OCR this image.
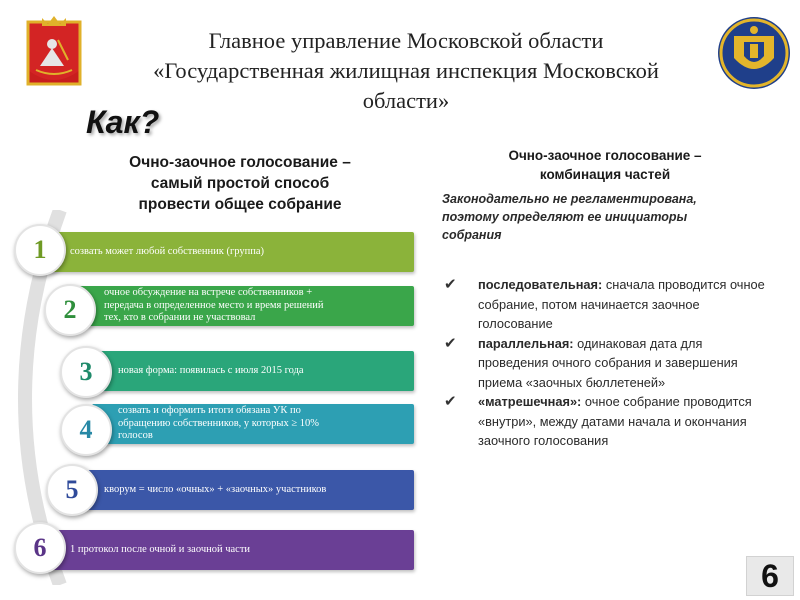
Главное управление Московской области
«Государственная жилищная инспекция Московской
области»
Как?
Очно-заочное голосование –
самый простой способ
провести общее собрание
созвать может любой собственник (группа)
1
очное обсуждение на встрече собственников +
передача в определенное место и время решений
тех, кто в собрании не участвовал
2
новая форма: появилась с июля 2015 года
3
созвать и оформить итоги обязана УК по
обращению собственников, у которых ≥ 10%
голосов
4
кворум = число «очных» + «заочных» участников
5
1 протокол после очной и заочной части
6
Очно-заочное голосование –
комбинация частей
Законодательно не регламентирована,
поэтому определяют ее инициаторы
собрания
✔ последовательная: сначала проводится очное собрание, потом начинается заочное голосование
✔ параллельная: одинаковая дата для проведения очного собрания и завершения приема «заочных бюллетеней»
✔ «матрешечная»: очное собрание проводится «внутри», между датами начала и окончания заочного голосования
6
